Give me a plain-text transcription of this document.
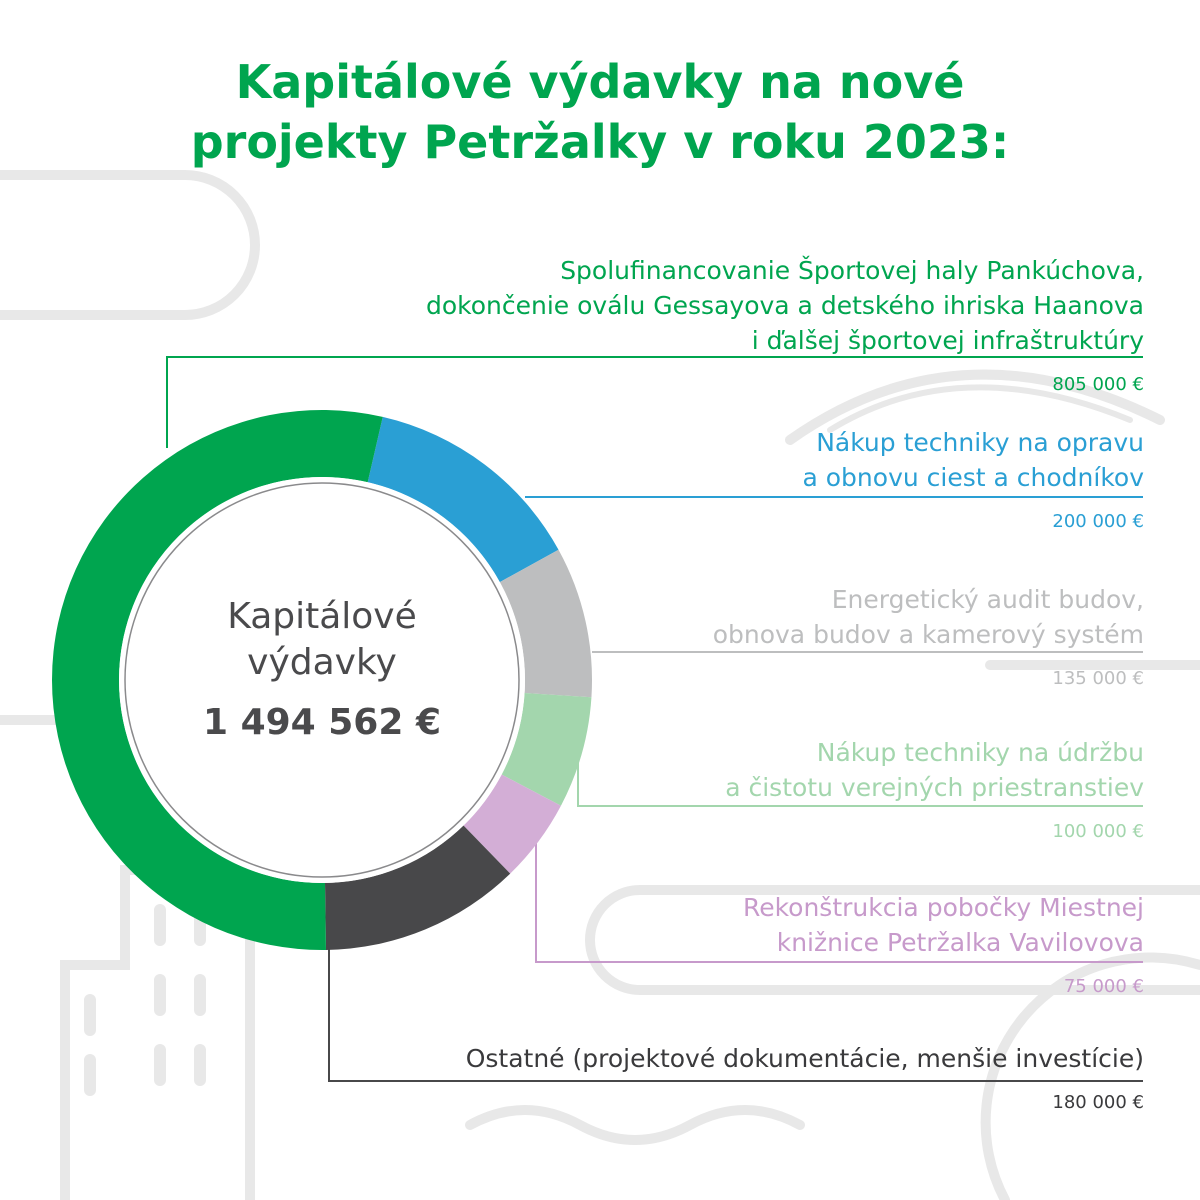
Kapitálové výdavky na nové
projekty Petržalky v roku 2023:
Kapitálové
výdavky
1 494 562 €
Spolufinancovanie Športovej haly Pankúchova,
dokončenie oválu Gessayova a detského ihriska Haanova
i ďalšej športovej infraštruktúry
805 000 €
Nákup techniky na opravu
a obnovu ciest a chodníkov
200 000 €
Energetický audit budov,
obnova budov a kamerový systém
135 000 €
Nákup techniky na údržbu
a čistotu verejných priestranstiev
100 000 €
Rekonštrukcia pobočky Miestnej
knižnice Petržalka Vavilovova
75 000 €
Ostatné (projektové dokumentácie, menšie investície)
180 000 €
